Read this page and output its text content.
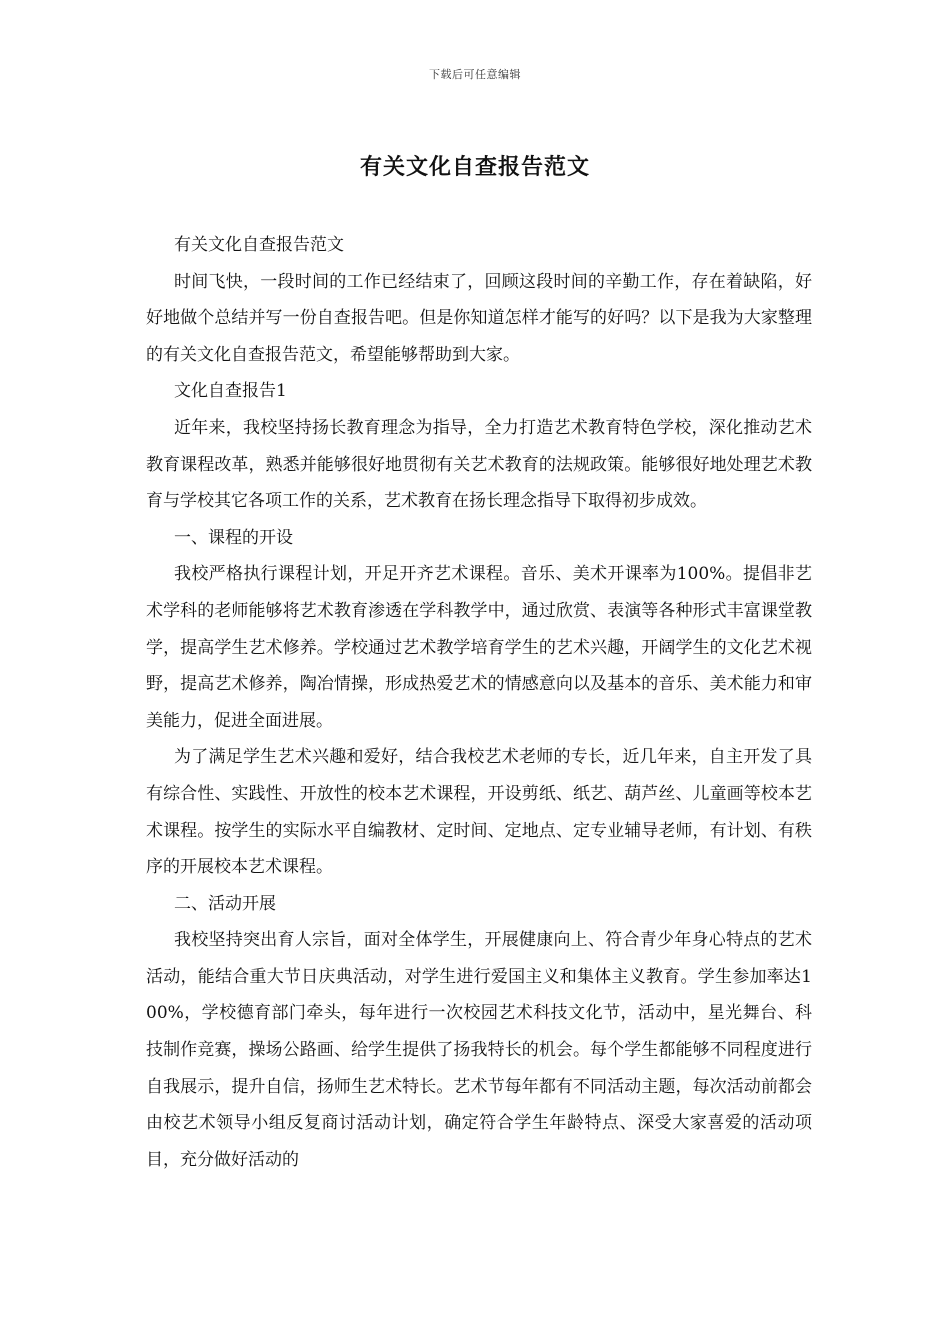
下载后可任意编辑
有关文化自查报告范文

有关文化自查报告范文

时间飞快，一段时间的工作已经结束了，回顾这段时间的辛勤工作，存在着缺陷，好好地做个总结并写一份自查报告吧。但是你知道怎样才能写的好吗？以下是我为大家整理的有关文化自查报告范文，希望能够帮助到大家。

文化自查报告1

近年来，我校坚持扬长教育理念为指导，全力打造艺术教育特色学校，深化推动艺术教育课程改革，熟悉并能够很好地贯彻有关艺术教育的法规政策。能够很好地处理艺术教育与学校其它各项工作的关系，艺术教育在扬长理念指导下取得初步成效。

一、课程的开设

我校严格执行课程计划，开足开齐艺术课程。音乐、美术开课率为100%。提倡非艺术学科的老师能够将艺术教育渗透在学科教学中，通过欣赏、表演等各种形式丰富课堂教学，提高学生艺术修养。学校通过艺术教学培育学生的艺术兴趣，开阔学生的文化艺术视野，提高艺术修养，陶冶情操，形成热爱艺术的情感意向以及基本的音乐、美术能力和审美能力，促进全面进展。

为了满足学生艺术兴趣和爱好，结合我校艺术老师的专长，近几年来，自主开发了具有综合性、实践性、开放性的校本艺术课程，开设剪纸、纸艺、葫芦丝、儿童画等校本艺术课程。按学生的实际水平自编教材、定时间、定地点、定专业辅导老师，有计划、有秩序的开展校本艺术课程。

二、活动开展

我校坚持突出育人宗旨，面对全体学生，开展健康向上、符合青少年身心特点的艺术活动，能结合重大节日庆典活动，对学生进行爱国主义和集体主义教育。学生参加率达100%，学校德育部门牵头，每年进行一次校园艺术科技文化节，活动中，星光舞台、科技制作竞赛，操场公路画、给学生提供了扬我特长的机会。每个学生都能够不同程度进行自我展示，提升自信，扬师生艺术特长。艺术节每年都有不同活动主题，每次活动前都会由校艺术领导小组反复商讨活动计划，确定符合学生年龄特点、深受大家喜爱的活动项目，充分做好活动的
